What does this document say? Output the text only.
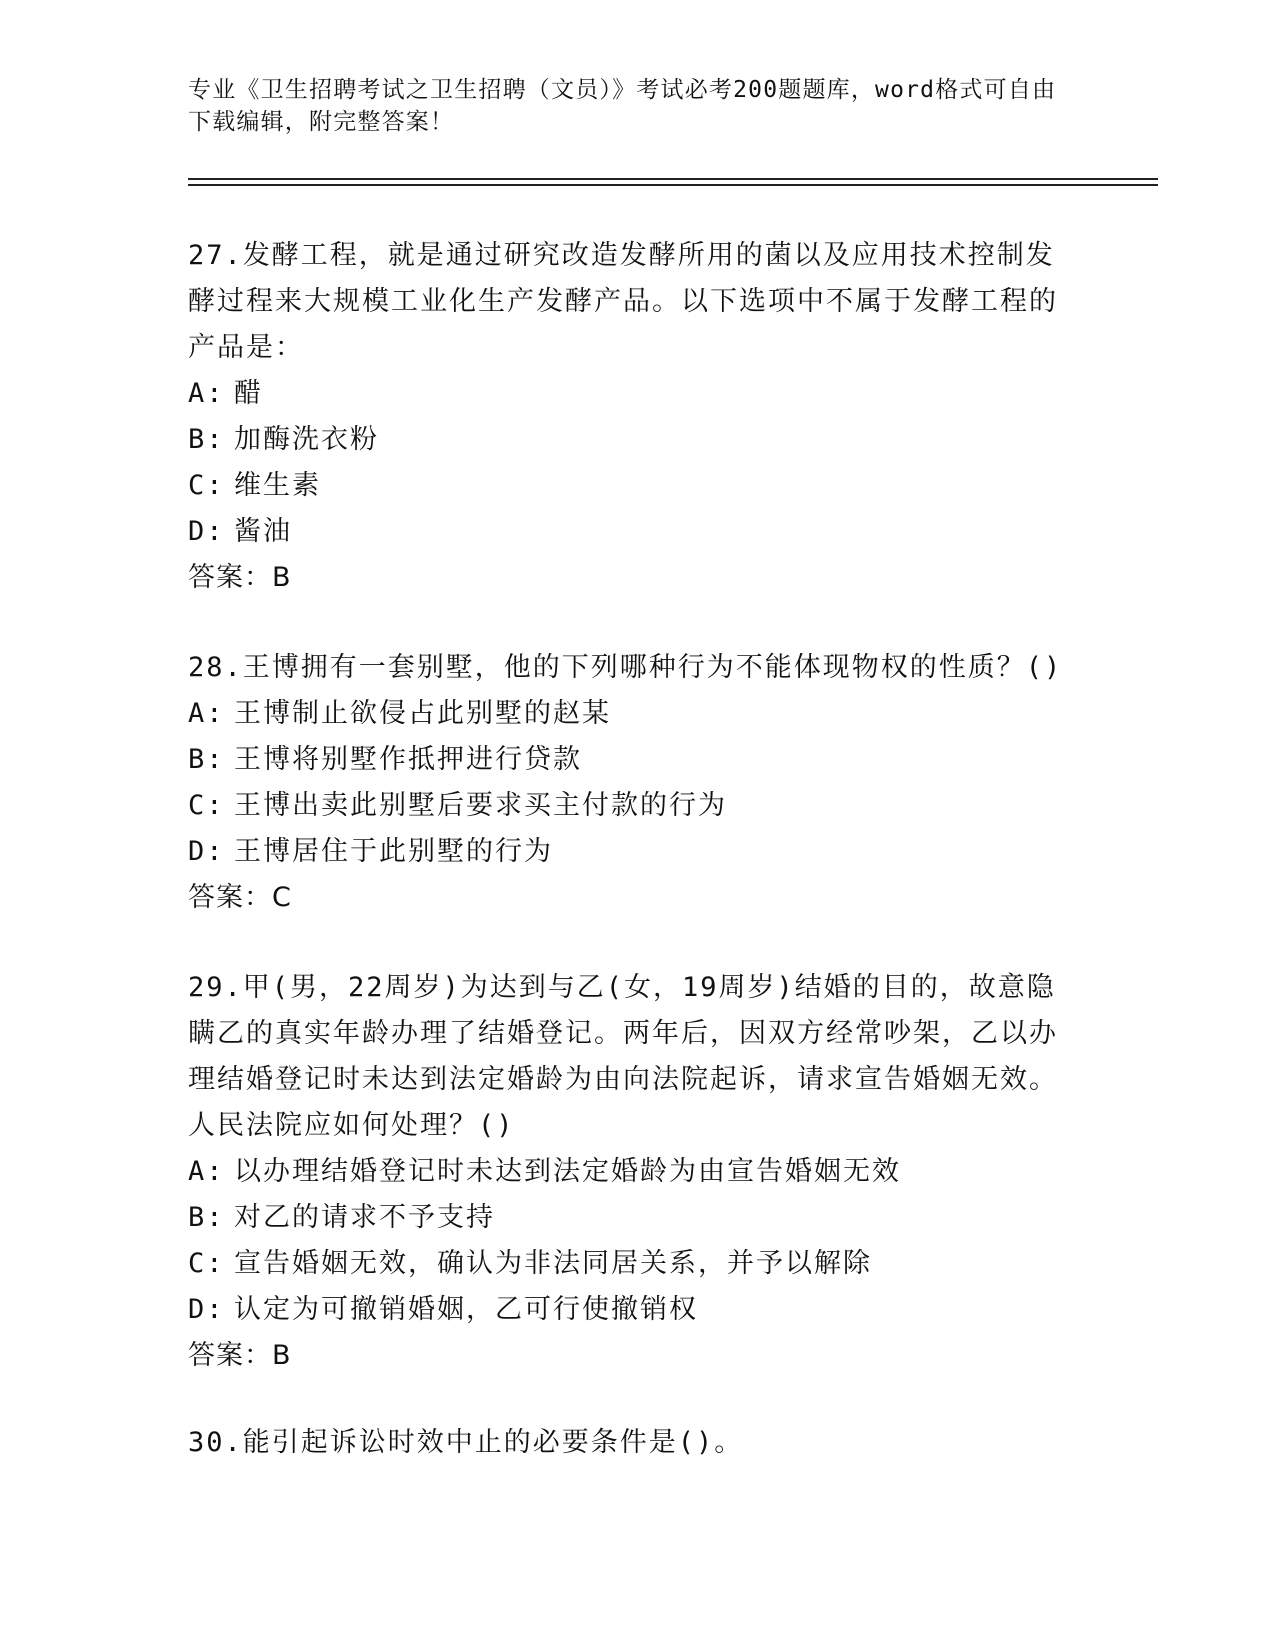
专业《卫生招聘考试之卫生招聘（文员）》考试必考200题题库，word格式可自由下载编辑，附完整答案！
27.发酵工程，就是通过研究改造发酵所用的菌以及应用技术控制发酵过程来大规模工业化生产发酵产品。以下选项中不属于发酵工程的产品是：
A: 醋
B: 加酶洗衣粉
C: 维生素
D: 酱油
答案：B
28.王博拥有一套别墅，他的下列哪种行为不能体现物权的性质？()
A: 王博制止欲侵占此别墅的赵某
B: 王博将别墅作抵押进行贷款
C: 王博出卖此别墅后要求买主付款的行为
D: 王博居住于此别墅的行为
答案：C
29.甲(男，22周岁)为达到与乙(女，19周岁)结婚的目的，故意隐瞒乙的真实年龄办理了结婚登记。两年后，因双方经常吵架，乙以办理结婚登记时未达到法定婚龄为由向法院起诉，请求宣告婚姻无效。人民法院应如何处理？()
A: 以办理结婚登记时未达到法定婚龄为由宣告婚姻无效
B: 对乙的请求不予支持
C: 宣告婚姻无效，确认为非法同居关系，并予以解除
D: 认定为可撤销婚姻，乙可行使撤销权
答案：B
30.能引起诉讼时效中止的必要条件是()。
